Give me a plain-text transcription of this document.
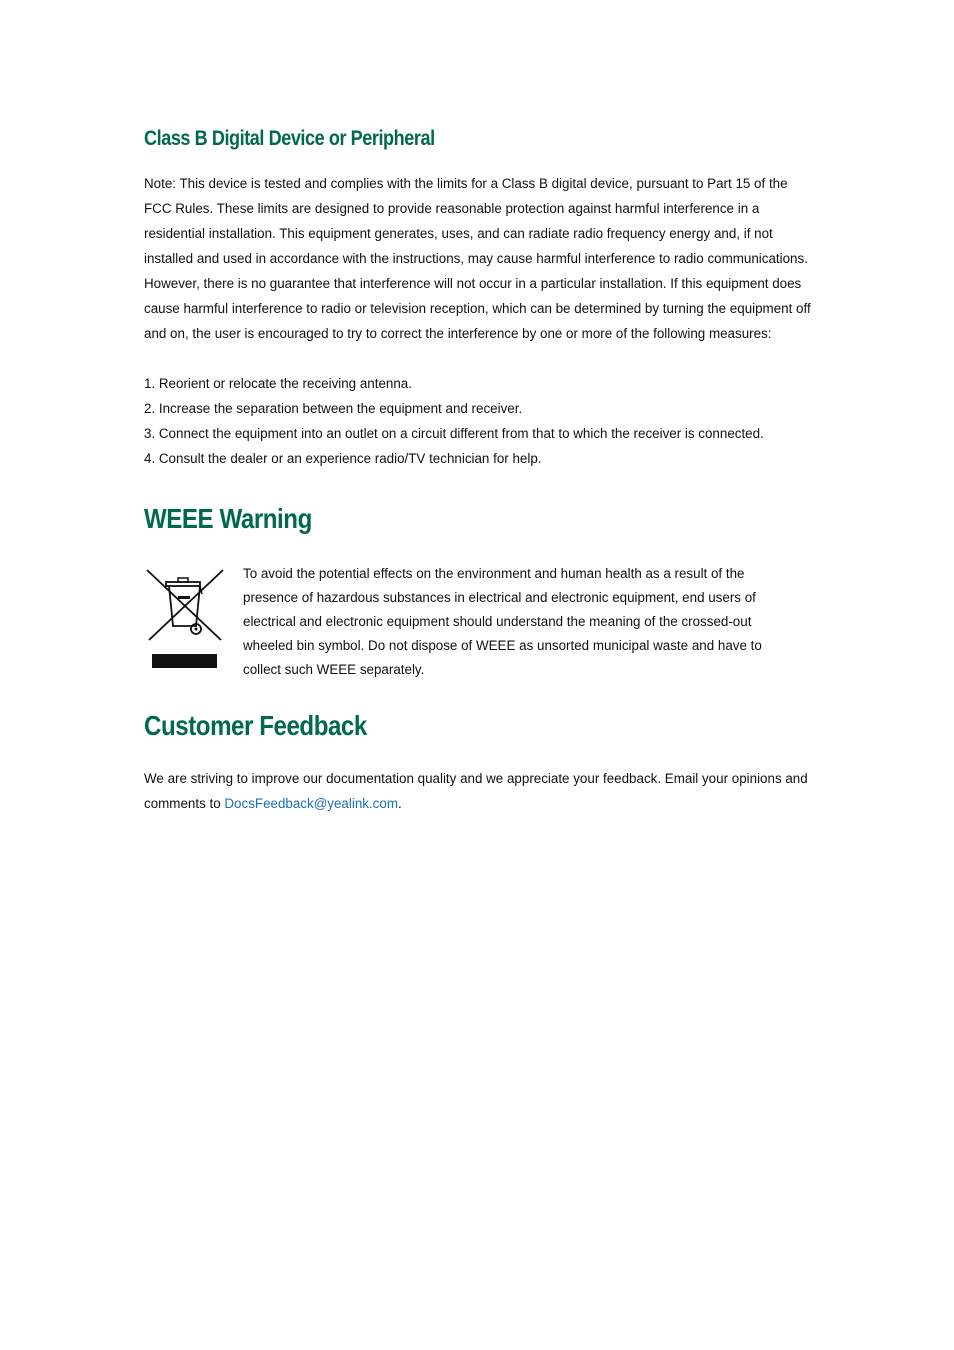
Class B Digital Device or Peripheral

Note: This device is tested and complies with the limits for a Class B digital device, pursuant to Part 15 of the FCC Rules. These limits are designed to provide reasonable protection against harmful interference in a residential installation. This equipment generates, uses, and can radiate radio frequency energy and, if not installed and used in accordance with the instructions, may cause harmful interference to radio communications. However, there is no guarantee that interference will not occur in a particular installation. If this equipment does cause harmful interference to radio or television reception, which can be determined by turning the equipment off and on, the user is encouraged to try to correct the interference by one or more of the following measures:

1. Reorient or relocate the receiving antenna.
2. Increase the separation between the equipment and receiver.
3. Connect the equipment into an outlet on a circuit different from that to which the receiver is connected.
4. Consult the dealer or an experience radio/TV technician for help.
WEEE Warning

To avoid the potential effects on the environment and human health as a result of the presence of hazardous substances in electrical and electronic equipment, end users of electrical and electronic equipment should understand the meaning of the crossed-out wheeled bin symbol. Do not dispose of WEEE as unsorted municipal waste and have to collect such WEEE separately.

Customer Feedback

We are striving to improve our documentation quality and we appreciate your feedback. Email your opinions and comments to DocsFeedback@yealink.com.
